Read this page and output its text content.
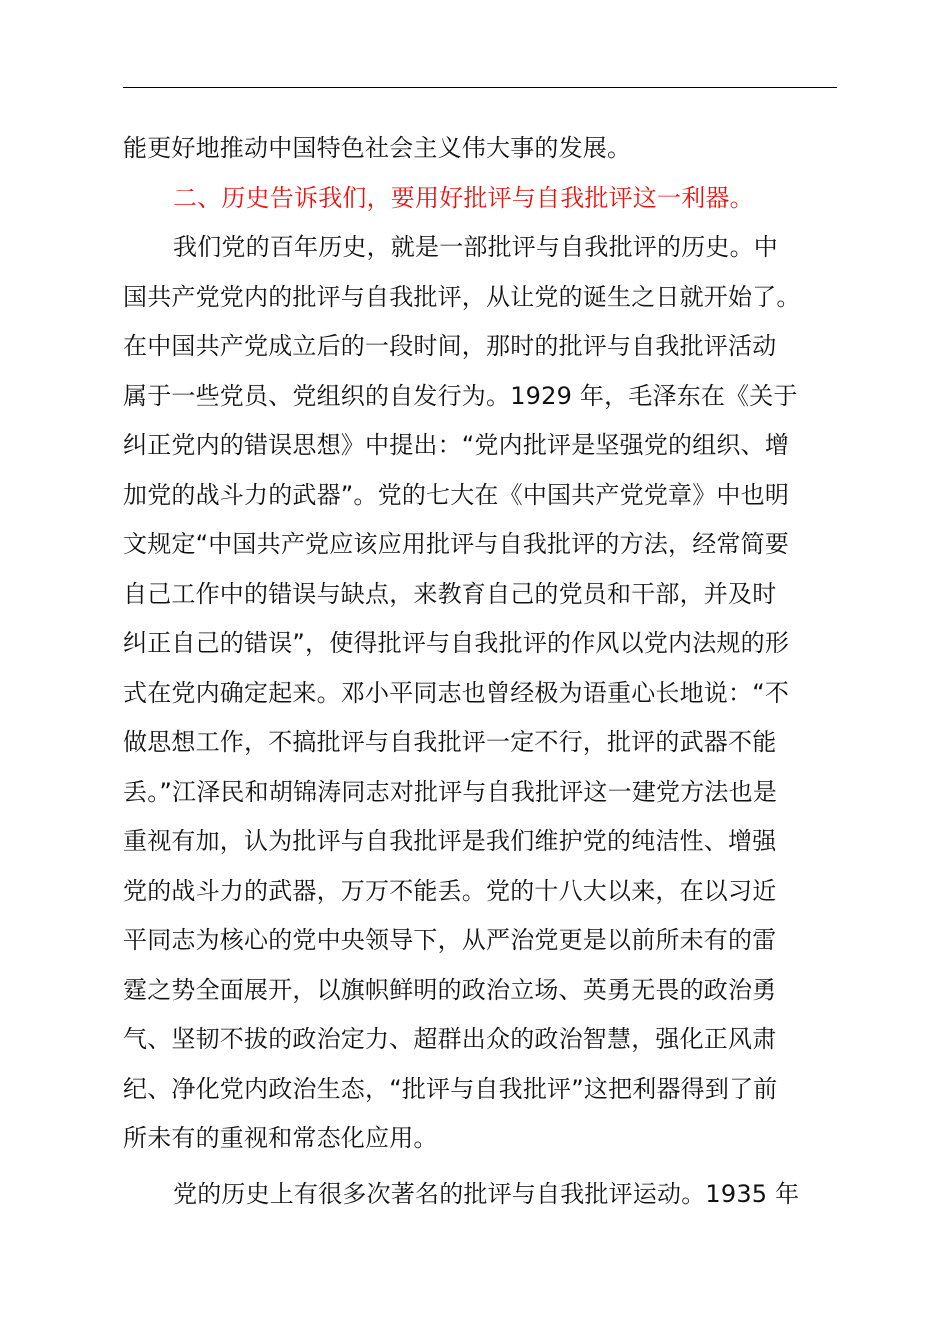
能更好地推动中国特色社会主义伟大事的发展。
二、历史告诉我们，要用好批评与自我批评这一利器。
我们党的百年历史，就是一部批评与自我批评的历史。中
国共产党党内的批评与自我批评，从让党的诞生之日就开始了。
在中国共产党成立后的一段时间，那时的批评与自我批评活动
属于一些党员、党组织的自发行为。1929 年，毛泽东在《关于
纠正党内的错误思想》中提出：“党内批评是坚强党的组织、增
加党的战斗力的武器”。党的七大在《中国共产党党章》中也明
文规定“中国共产党应该应用批评与自我批评的方法，经常简要
自己工作中的错误与缺点，来教育自己的党员和干部，并及时
纠正自己的错误”，使得批评与自我批评的作风以党内法规的形
式在党内确定起来。邓小平同志也曾经极为语重心长地说：“不
做思想工作，不搞批评与自我批评一定不行，批评的武器不能
丢。”江泽民和胡锦涛同志对批评与自我批评这一建党方法也是
重视有加，认为批评与自我批评是我们维护党的纯洁性、增强
党的战斗力的武器，万万不能丢。党的十八大以来，在以习近
平同志为核心的党中央领导下，从严治党更是以前所未有的雷
霆之势全面展开，以旗帜鲜明的政治立场、英勇无畏的政治勇
气、坚韧不拔的政治定力、超群出众的政治智慧，强化正风肃
纪、净化党内政治生态，“批评与自我批评”这把利器得到了前
所未有的重视和常态化应用。
党的历史上有很多次著名的批评与自我批评运动。1935 年
